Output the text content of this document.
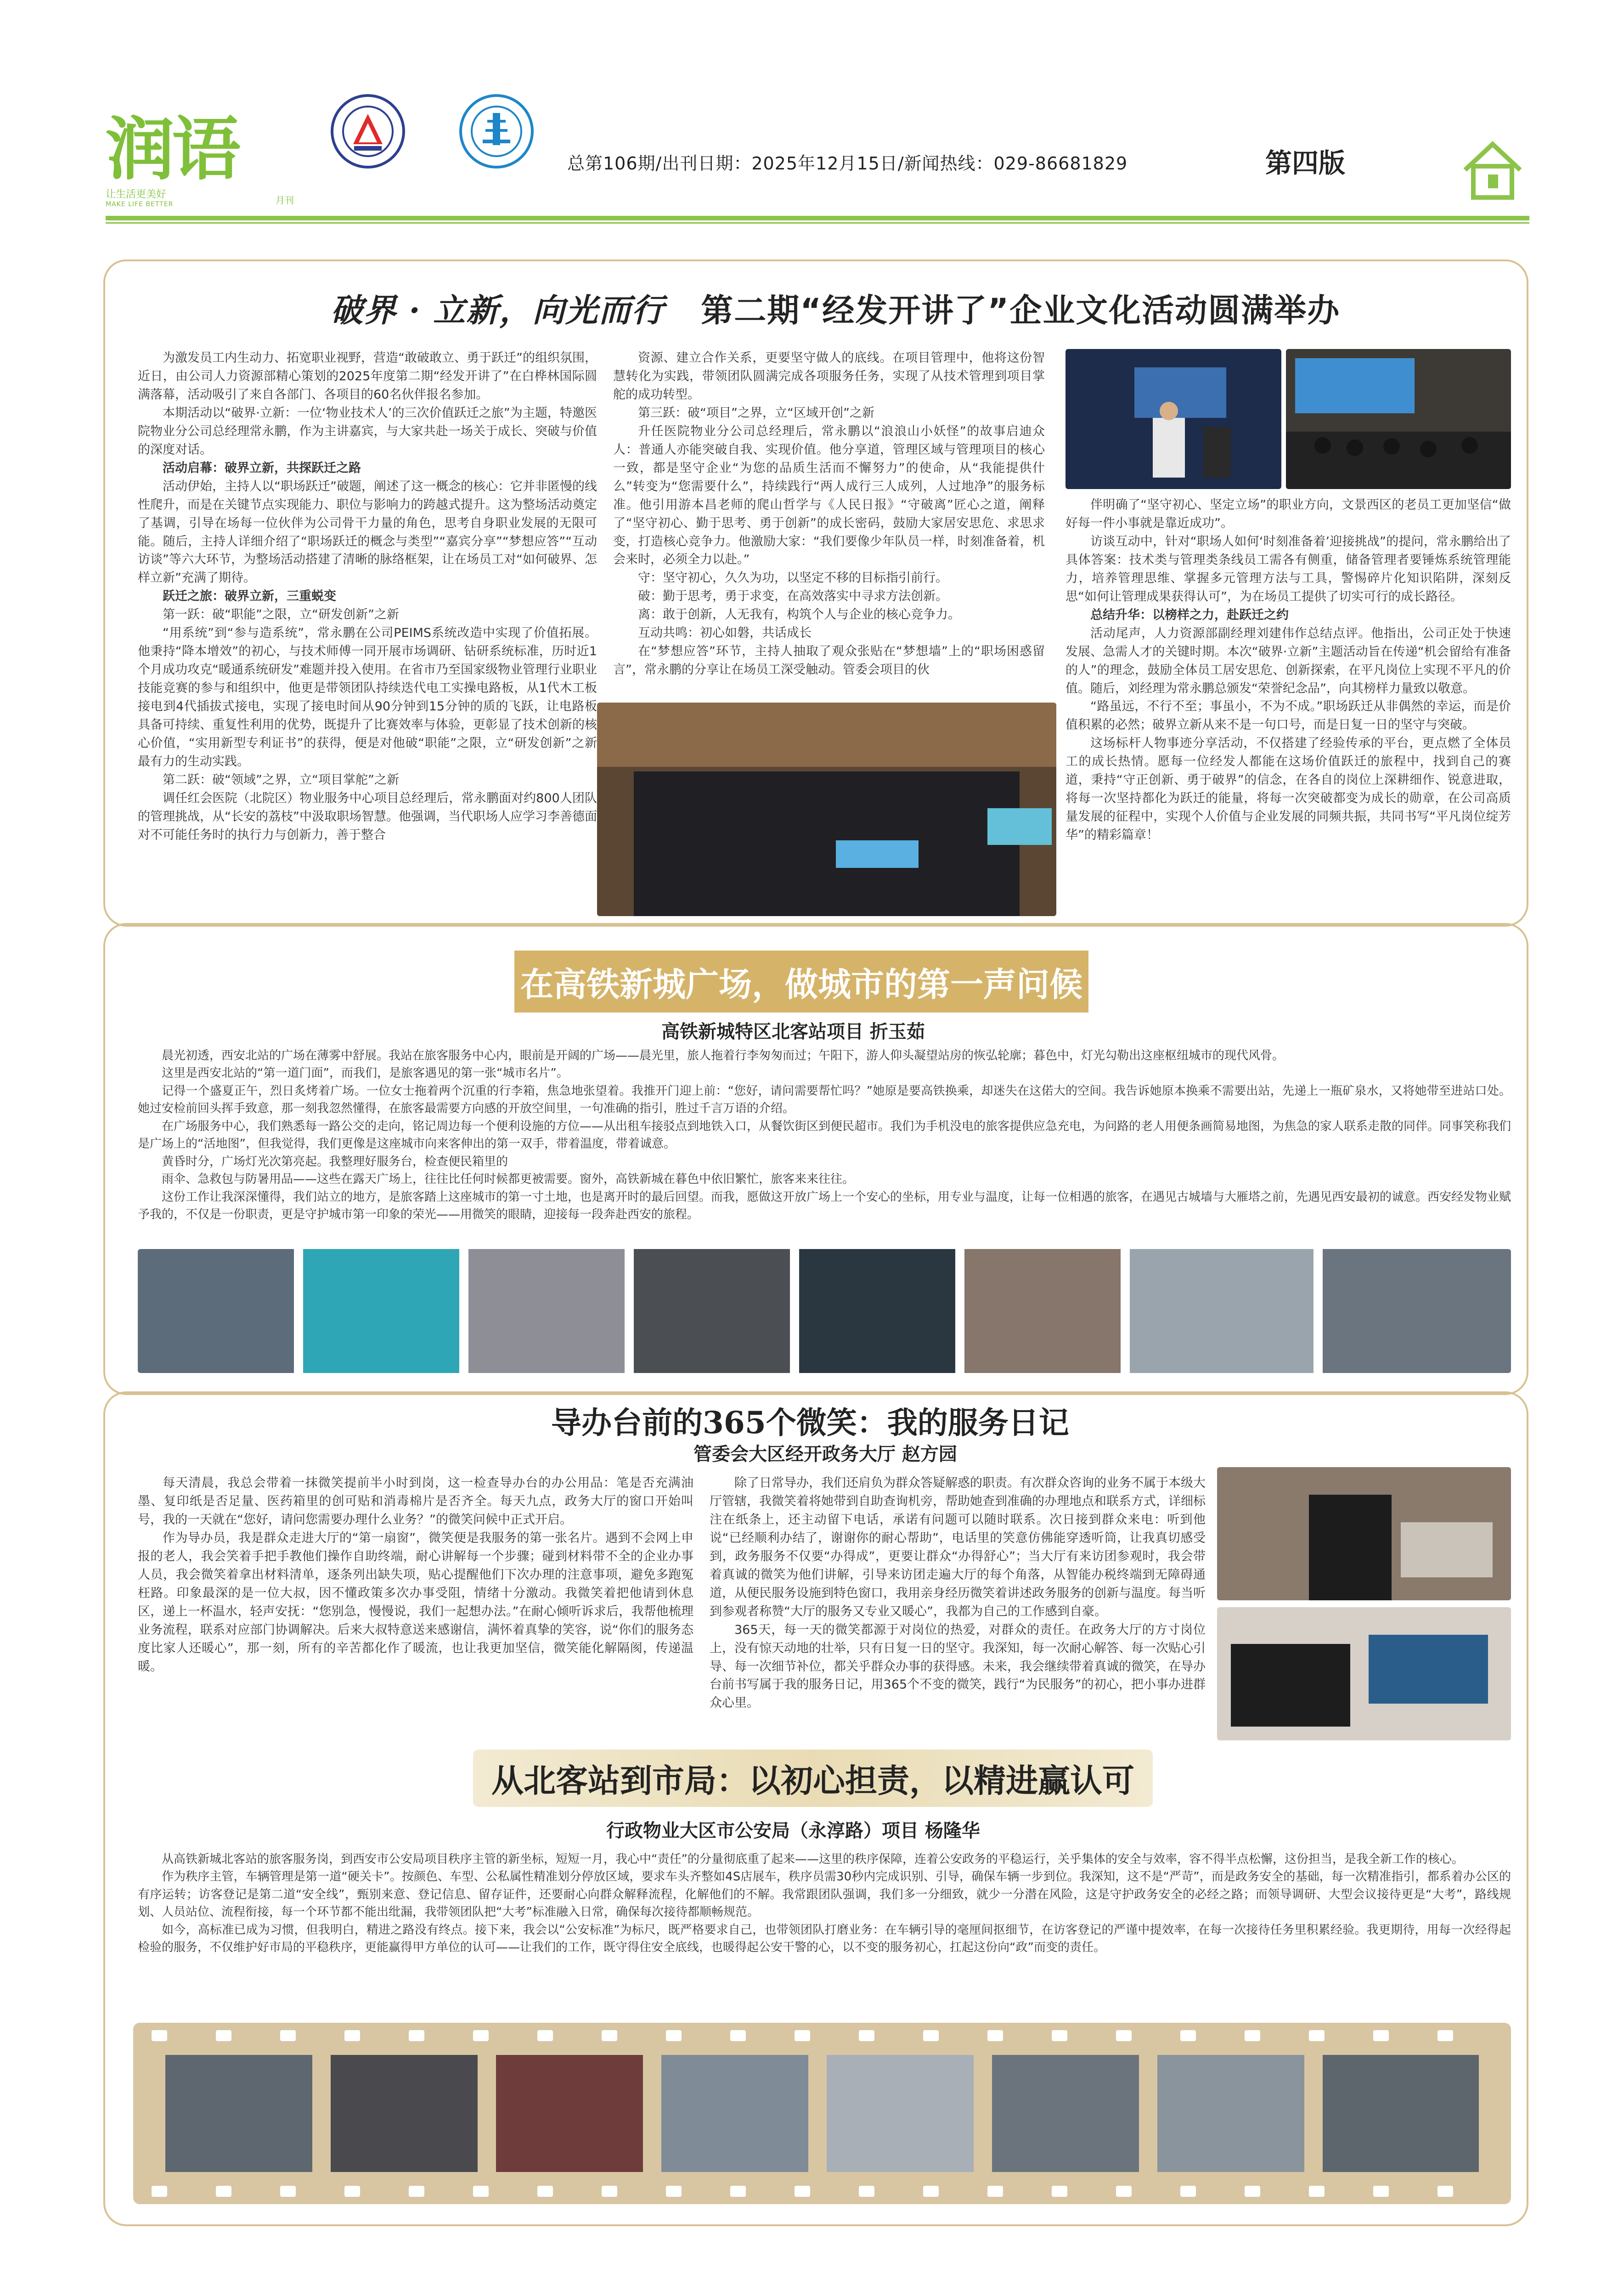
润语
让生活更美好
MAKE LIFE BETTER	月刊
总第106期/出刊日期：2025年12月15日/新闻热线：029-86681829	第四版
破界 · 立新，向光而行 第二期“经发开讲了”企业文化活动圆满举办

为激发员工内生动力、拓宽职业视野，营造“敢破敢立、勇于跃迁”的组织氛围，近日，由公司人力资源部精心策划的2025年度第二期“经发开讲了”在白桦林国际圆满落幕，活动吸引了来自各部门、各项目的60名伙伴报名参加。

本期活动以“破界·立新：一位‘物业技术人’的三次价值跃迁之旅”为主题，特邀医院物业分公司总经理常永鹏，作为主讲嘉宾，与大家共赴一场关于成长、突破与价值的深度对话。

活动启幕：破界立新，共探跃迁之路

活动伊始，主持人以“职场跃迁”破题，阐述了这一概念的核心：它并非匿慢的线性爬升，而是在关键节点实现能力、职位与影响力的跨越式提升。这为整场活动奠定了基调，引导在场每一位伙伴为公司骨干力量的角色，思考自身职业发展的无限可能。随后，主持人详细介绍了“职场跃迁的概念与类型”“嘉宾分享”“梦想应答”“互动访谈”等六大环节，为整场活动搭建了清晰的脉络框架，让在场员工对“如何破界、怎样立新”充满了期待。

跃迁之旅：破界立新，三重蜕变

第一跃：破“职能”之限，立“研发创新”之新

“用系统”到“参与造系统”，常永鹏在公司PEIMS系统改造中实现了价值拓展。他秉持“降本增效”的初心，与技术师傅一同开展市场调研、钻研系统标准，历时近1个月成功攻克“暖通系统研发”难题并投入使用。在省市乃至国家级物业管理行业职业技能竞赛的参与和组织中，他更是带领团队持续迭代电工实操电路板，从1代木工板接电到4代插拔式接电，实现了接电时间从90分钟到15分钟的质的飞跃，让电路板具备可持续、重复性利用的优势，既提升了比赛效率与体验，更彰显了技术创新的核心价值，“实用新型专利证书”的获得，便是对他破“职能”之限，立“研发创新”之新最有力的生动实践。

第二跃：破“领域”之界，立“项目掌舵”之新

调任红会医院（北院区）物业服务中心项目总经理后，常永鹏面对约800人团队的管理挑战，从“长安的荔枝”中汲取职场智慧。他强调，当代职场人应学习李善德面对不可能任务时的执行力与创新力，善于整合

资源、建立合作关系，更要坚守做人的底线。在项目管理中，他将这份智慧转化为实践，带领团队圆满完成各项服务任务，实现了从技术管理到项目掌舵的成功转型。

第三跃：破“项目”之界，立“区域开创”之新

升任医院物业分公司总经理后，常永鹏以“浪浪山小妖怪”的故事启迪众人：普通人亦能突破自我、实现价值。他分享道，管理区域与管理项目的核心一致，都是坚守企业“为您的品质生活而不懈努力”的使命，从“我能提供什么”转变为“您需要什么”，持续践行“两人成行三人成列，人过地净”的服务标准。他引用游本昌老师的爬山哲学与《人民日报》“守破离”匠心之道，阐释了“坚守初心、勤于思考、勇于创新”的成长密码，鼓励大家居安思危、求思求变，打造核心竞争力。他激励大家：“我们要像少年队员一样，时刻准备着，机会来时，必须全力以赴。”

守：坚守初心，久久为功，以坚定不移的目标指引前行。

破：勤于思考，勇于求变，在高效落实中寻求方法创新。

离：敢于创新，人无我有，构筑个人与企业的核心竞争力。

互动共鸣：初心如磐，共话成长

在“梦想应答”环节，主持人抽取了观众张贴在“梦想墙”上的“职场困惑留言”，常永鹏的分享让在场员工深受触动。管委会项目的伙

伴明确了“坚守初心、坚定立场”的职业方向，文景西区的老员工更加坚信“做好每一件小事就是靠近成功”。

访谈互动中，针对“职场人如何‘时刻准备着’迎接挑战”的提问，常永鹏给出了具体答案：技术类与管理类条线员工需各有侧重，储备管理者要锤炼系统管理能力，培养管理思维、掌握多元管理方法与工具，警惕碎片化知识陷阱，深刻反思“如何让管理成果获得认可”，为在场员工提供了切实可行的成长路径。

总结升华：以榜样之力，赴跃迁之约

活动尾声，人力资源部副经理刘建伟作总结点评。他指出，公司正处于快速发展、急需人才的关键时期。本次“破界·立新”主题活动旨在传递“机会留给有准备的人”的理念，鼓励全体员工居安思危、创新探索，在平凡岗位上实现不平凡的价值。随后，刘经理为常永鹏总颁发“荣誉纪念品”，向其榜样力量致以敬意。

“路虽远，不行不至；事虽小，不为不成。”职场跃迁从非偶然的幸运，而是价值积累的必然；破界立新从来不是一句口号，而是日复一日的坚守与突破。

这场标杆人物事迹分享活动，不仅搭建了经验传承的平台，更点燃了全体员工的成长热情。愿每一位经发人都能在这场价值跃迁的旅程中，找到自己的赛道，秉持“守正创新、勇于破界”的信念，在各自的岗位上深耕细作、锐意进取，将每一次坚持都化为跃迁的能量，将每一次突破都变为成长的勋章，在公司高质量发展的征程中，实现个人价值与企业发展的同频共振，共同书写“平凡岗位绽芳华”的精彩篇章！

在高铁新城广场，做城市的第一声问候
高铁新城特区北客站项目 折玉茹

晨光初透，西安北站的广场在薄雾中舒展。我站在旅客服务中心内，眼前是开阔的广场——晨光里，旅人拖着行李匆匆而过；午阳下，游人仰头凝望站房的恢弘轮廓；暮色中，灯光勾勒出这座枢纽城市的现代风骨。

这里是西安北站的“第一道门面”，而我们，是旅客遇见的第一张“城市名片”。

记得一个盛夏正午，烈日炙烤着广场。一位女士拖着两个沉重的行李箱，焦急地张望着。我推开门迎上前：“您好，请问需要帮忙吗？”她原是要高铁换乘，却迷失在这偌大的空间。我告诉她原本换乘不需要出站，先递上一瓶矿泉水，又将她带至进站口处。她过安检前回头挥手致意，那一刻我忽然懂得，在旅客最需要方向感的开放空间里，一句准确的指引，胜过千言万语的介绍。

在广场服务中心，我们熟悉每一路公交的走向，铭记周边每一个便利设施的方位——从出租车接驳点到地铁入口，从餐饮街区到便民超市。我们为手机没电的旅客提供应急充电，为问路的老人用便条画简易地图，为焦急的家人联系走散的同伴。同事笑称我们是广场上的“活地图”，但我觉得，我们更像是这座城市向来客伸出的第一双手，带着温度，带着诚意。

黄昏时分，广场灯光次第亮起。我整理好服务台，检查便民箱里的

雨伞、急救包与防暑用品——这些在露天广场上，往往比任何时候都更被需要。窗外，高铁新城在暮色中依旧繁忙，旅客来来往往。

这份工作让我深深懂得，我们站立的地方，是旅客踏上这座城市的第一寸土地，也是离开时的最后回望。而我，愿做这开放广场上一个安心的坐标，用专业与温度，让每一位相遇的旅客，在遇见古城墙与大雁塔之前，先遇见西安最初的诚意。西安经发物业赋予我的，不仅是一份职责，更是守护城市第一印象的荣光——用微笑的眼睛，迎接每一段奔赴西安的旅程。

导办台前的365个微笑：我的服务日记
管委会大区经开政务大厅 赵方园

每天清晨，我总会带着一抹微笑提前半小时到岗，这一检查导办台的办公用品：笔是否充满油墨、复印纸是否足量、医药箱里的创可贴和消毒棉片是否齐全。每天九点，政务大厅的窗口开始叫号，我的一天就在“您好，请问您需要办理什么业务？”的微笑问候中正式开启。

作为导办员，我是群众走进大厅的“第一扇窗”，微笑便是我服务的第一张名片。遇到不会网上申报的老人，我会笑着手把手教他们操作自助终端，耐心讲解每一个步骤；碰到材料带不全的企业办事人员，我会微笑着拿出材料清单，逐条列出缺失项，贴心提醒他们下次办理的注意事项，避免多跑冤枉路。印象最深的是一位大叔，因不懂政策多次办事受阻，情绪十分激动。我微笑着把他请到休息区，递上一杯温水，轻声安抚：“您别急，慢慢说，我们一起想办法。”在耐心倾听诉求后，我帮他梳理业务流程，联系对应部门协调解决。后来大叔特意送来感谢信，满怀着真挚的笑容，说“你们的服务态度比家人还暖心”，那一刻，所有的辛苦都化作了暖流，也让我更加坚信，微笑能化解隔阂，传递温暖。

除了日常导办，我们还肩负为群众答疑解惑的职责。有次群众咨询的业务不属于本级大厅管辖，我微笑着将她带到自助查询机旁，帮助她查到准确的办理地点和联系方式，详细标注在纸条上，还主动留下电话，承诺有问题可以随时联系。次日接到群众来电：听到他说“已经顺利办结了，谢谢你的耐心帮助”，电话里的笑意仿佛能穿透听筒，让我真切感受到，政务服务不仅要“办得成”，更要让群众“办得舒心”；当大厅有来访团参观时，我会带着真诚的微笑为他们讲解，引导来访团走遍大厅的每个角落，从智能办税终端到无障碍通道，从便民服务设施到特色窗口，我用亲身经历微笑着讲述政务服务的创新与温度。每当听到参观者称赞“大厅的服务又专业又暖心”，我都为自己的工作感到自豪。

365天，每一天的微笑都源于对岗位的热爱，对群众的责任。在政务大厅的方寸岗位上，没有惊天动地的壮举，只有日复一日的坚守。我深知，每一次耐心解答、每一次贴心引导、每一次细节补位，都关乎群众办事的获得感。未来，我会继续带着真诚的微笑，在导办台前书写属于我的服务日记，用365个不变的微笑，践行“为民服务”的初心，把小事办进群众心里。

从北客站到市局：以初心担责，以精进赢认可
行政物业大区市公安局（永淳路）项目 杨隆华

从高铁新城北客站的旅客服务岗，到西安市公安局项目秩序主管的新坐标，短短一月，我心中“责任”的分量彻底重了起来——这里的秩序保障，连着公安政务的平稳运行，关乎集体的安全与效率，容不得半点松懈，这份担当，是我全新工作的核心。

作为秩序主管，车辆管理是第一道“硬关卡”。按颜色、车型、公私属性精准划分停放区域，要求车头齐整如4S店展车，秩序员需30秒内完成识别、引导，确保车辆一步到位。我深知，这不是“严苛”，而是政务安全的基础，每一次精准指引，都系着办公区的有序运转；访客登记是第二道“安全线”，甄别来意、登记信息、留存证件，还要耐心向群众解释流程，化解他们的不解。我常跟团队强调，我们多一分细致，就少一分潜在风险，这是守护政务安全的必经之路；而领导调研、大型会议接待更是“大考”，路线规划、人员站位、流程衔接，每一个环节都不能出纰漏，我带领团队把“大考”标准融入日常，确保每次接待都顺畅规范。

如今，高标准已成为习惯，但我明白，精进之路没有终点。接下来，我会以“公安标准”为标尺，既严格要求自己，也带领团队打磨业务：在车辆引导的毫厘间抠细节，在访客登记的严谨中提效率，在每一次接待任务里积累经验。我更期待，用每一次经得起检验的服务，不仅维护好市局的平稳秩序，更能赢得甲方单位的认可——让我们的工作，既守得住安全底线，也暖得起公安干警的心，以不变的服务初心，扛起这份向“政”而变的责任。
